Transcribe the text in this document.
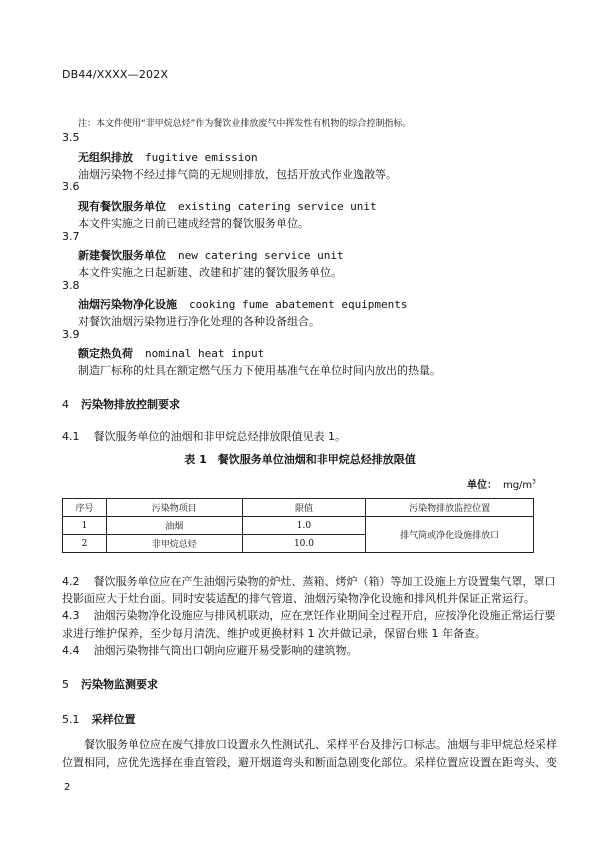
DB44/XXXX—202X
注：本文件使用“非甲烷总烃”作为餐饮业排放废气中挥发性有机物的综合控制指标。
3.5
无组织排放 fugitive emission
油烟污染物不经过排气筒的无规则排放，包括开放式作业逸散等。
3.6
现有餐饮服务单位 existing catering service unit
本文件实施之日前已建成经营的餐饮服务单位。
3.7
新建餐饮服务单位 new catering service unit
本文件实施之日起新建、改建和扩建的餐饮服务单位。
3.8
油烟污染物净化设施 cooking fume abatement equipments
对餐饮油烟污染物进行净化处理的各种设备组合。
3.9
额定热负荷 nominal heat input
制造厂标称的灶具在额定燃气压力下使用基准气在单位时间内放出的热量。
4 污染物排放控制要求
4.1 餐饮服务单位的油烟和非甲烷总烃排放限值见表 1。
表 1　餐饮服务单位油烟和非甲烷总烃排放限值
单位： $mg/m^3$
序号	污染物项目	限值	污染物排放监控位置
1	油烟	1.0	排气筒或净化设施排放口
2	非甲烷总烃	10.0	
4.2 餐饮服务单位应在产生油烟污染物的炉灶、蒸箱、烤炉（箱）等加工设施上方设置集气罩，罩口
投影面应大于灶台面。同时安装适配的排气管道、油烟污染物净化设施和排风机并保证正常运行。
4.3 油烟污染物净化设施应与排风机联动，应在烹饪作业期间全过程开启，应按净化设施正常运行要
求进行维护保养，至少每月清洗、维护或更换材料 1 次并做记录，保留台账 1 年备查。
4.4 油烟污染物排气筒出口朝向应避开易受影响的建筑物。
5 污染物监测要求
5.1 采样位置
餐饮服务单位应在废气排放口设置永久性测试孔、采样平台及排污口标志。油烟与非甲烷总烃采样
位置相同，应优先选择在垂直管段，避开烟道弯头和断面急剧变化部位。采样位置应设置在距弯头、变
2
